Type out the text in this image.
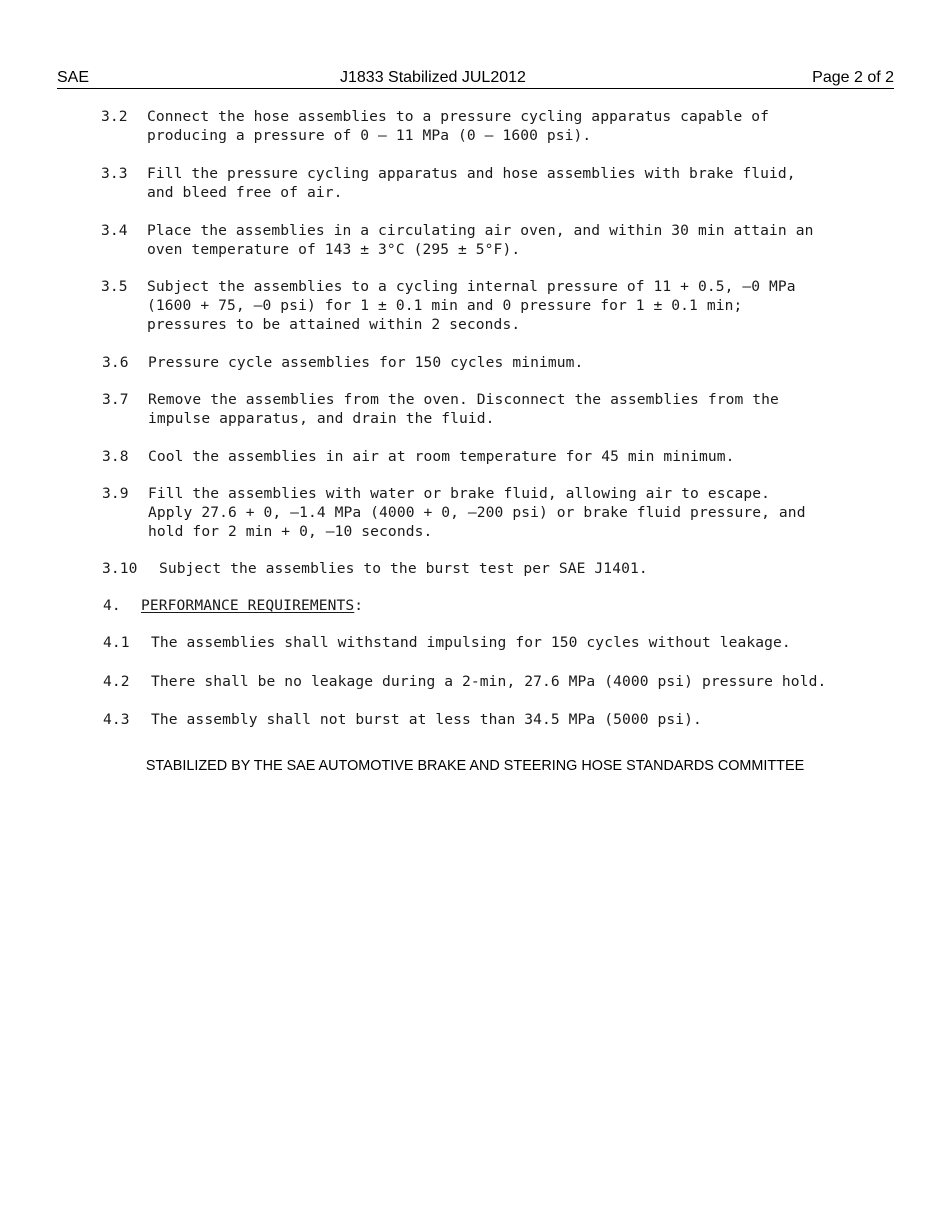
SAE	J1833 Stabilized JUL2012	Page 2 of 2
3.2 Connect the hose assemblies to a pressure cycling apparatus capable of
producing a pressure of 0 – 11 MPa (0 – 1600 psi).
3.3 Fill the pressure cycling apparatus and hose assemblies with brake fluid,
and bleed free of air.
3.4 Place the assemblies in a circulating air oven, and within 30 min attain an
oven temperature of 143 ± 3°C (295 ± 5°F).
3.5 Subject the assemblies to a cycling internal pressure of 11 + 0.5, –0 MPa
(1600 + 75, –0 psi) for 1 ± 0.1 min and 0 pressure for 1 ± 0.1 min;
pressures to be attained within 2 seconds.
3.6 Pressure cycle assemblies for 150 cycles minimum.
3.7 Remove the assemblies from the oven. Disconnect the assemblies from the
impulse apparatus, and drain the fluid.
3.8 Cool the assemblies in air at room temperature for 45 min minimum.
3.9 Fill the assemblies with water or brake fluid, allowing air to escape.
Apply 27.6 + 0, –1.4 MPa (4000 + 0, –200 psi) or brake fluid pressure, and
hold for 2 min + 0, –10 seconds.
3.10 Subject the assemblies to the burst test per SAE J1401.
4. PERFORMANCE REQUIREMENTS:
4.1 The assemblies shall withstand impulsing for 150 cycles without leakage.
4.2 There shall be no leakage during a 2-min, 27.6 MPa (4000 psi) pressure hold.
4.3 The assembly shall not burst at less than 34.5 MPa (5000 psi).
STABILIZED BY THE SAE AUTOMOTIVE BRAKE AND STEERING HOSE STANDARDS COMMITTEE
